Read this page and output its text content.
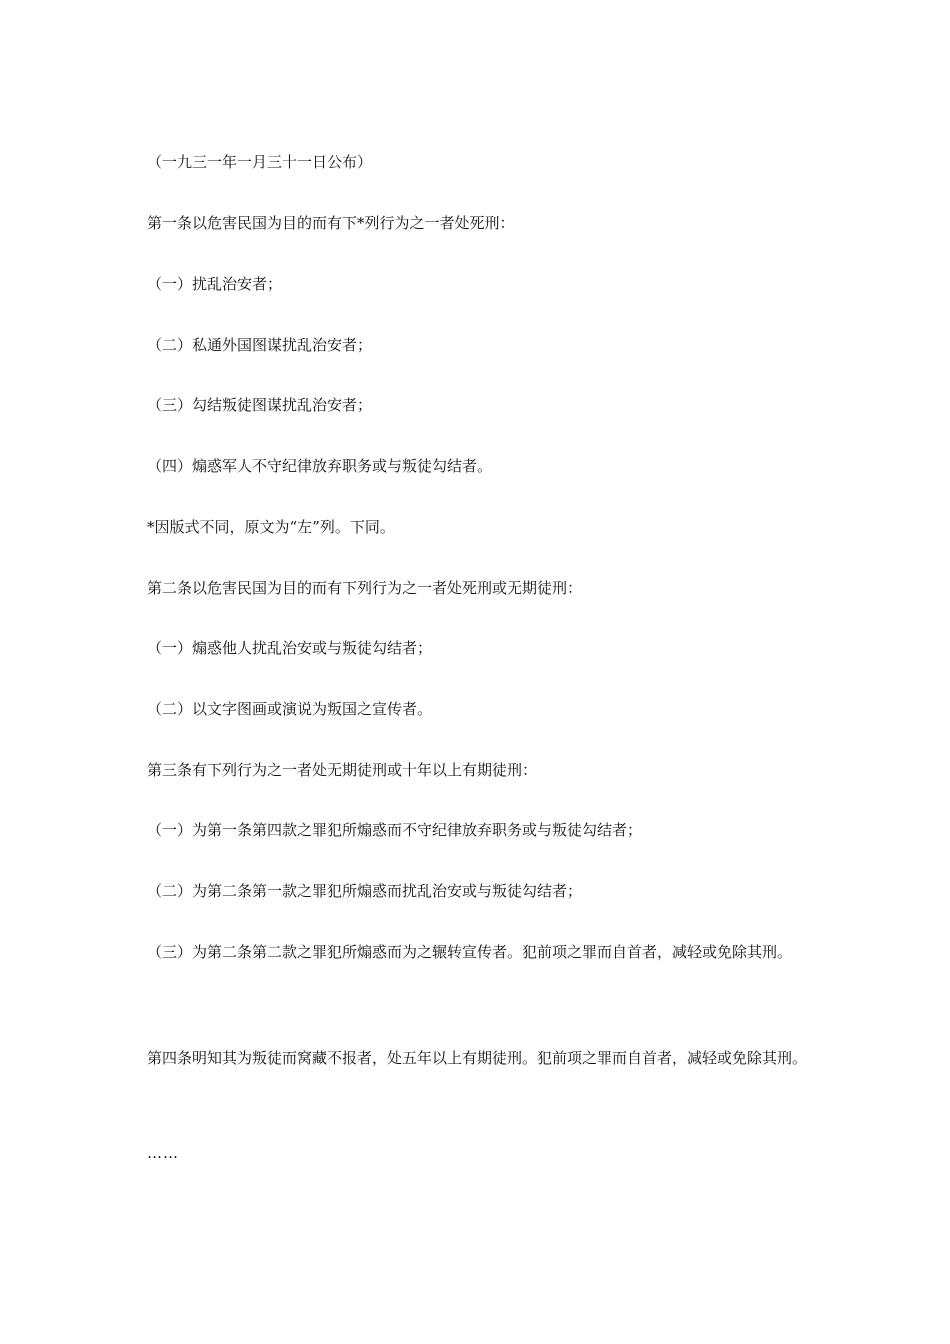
（一九三一年一月三十一日公布）

第一条以危害民国为目的而有下*列行为之一者处死刑：

（一）扰乱治安者；

（二）私通外国图谋扰乱治安者；

（三）勾结叛徒图谋扰乱治安者；

（四）煽惑军人不守纪律放弃职务或与叛徒勾结者。

*因版式不同，原文为“左”列。下同。

第二条以危害民国为目的而有下列行为之一者处死刑或无期徒刑：

（一）煽惑他人扰乱治安或与叛徒勾结者；

（二）以文字图画或演说为叛国之宣传者。

第三条有下列行为之一者处无期徒刑或十年以上有期徒刑：

（一）为第一条第四款之罪犯所煽惑而不守纪律放弃职务或与叛徒勾结者；

（二）为第二条第一款之罪犯所煽惑而扰乱治安或与叛徒勾结者；

（三）为第二条第二款之罪犯所煽惑而为之辗转宣传者。犯前项之罪而自首者，减轻或免除其刑。

第四条明知其为叛徒而窝藏不报者，处五年以上有期徒刑。犯前项之罪而自首者，减轻或免除其刑。

……
